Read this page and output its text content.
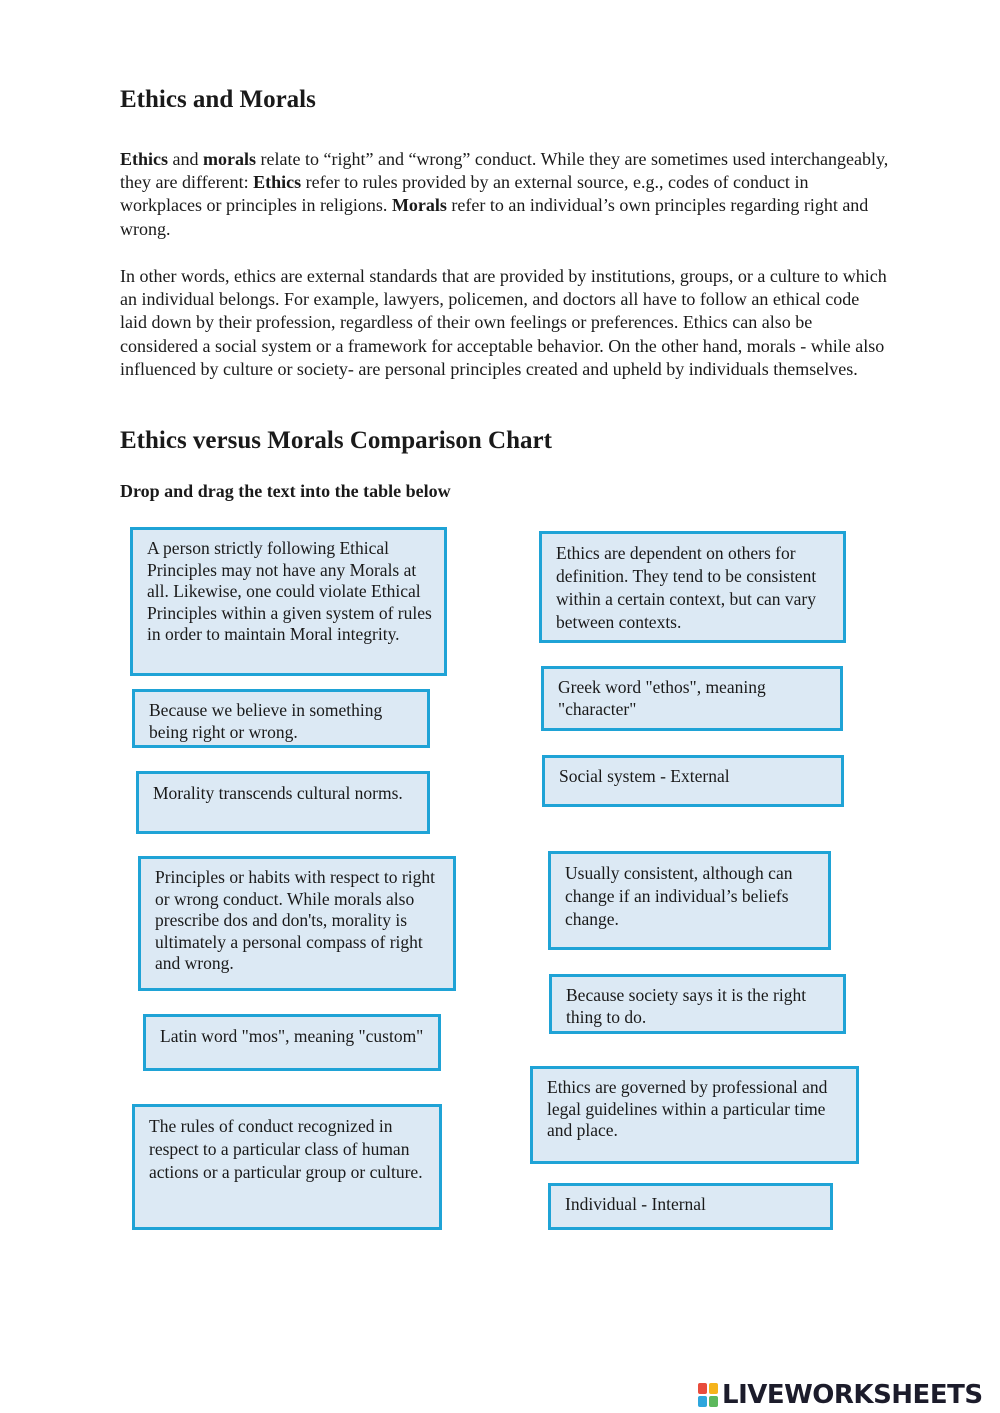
Ethics and Morals

Ethics and morals relate to “right” and “wrong” conduct. While they are sometimes used interchangeably, they are different: Ethics refer to rules provided by an external source, e.g., codes of conduct in workplaces or principles in religions. Morals refer to an individual’s own principles regarding right and wrong.

In other words, ethics are external standards that are provided by institutions, groups, or a culture to which an individual belongs. For example, lawyers, policemen, and doctors all have to follow an ethical code laid down by their profession, regardless of their own feelings or preferences. Ethics can also be considered a social system or a framework for acceptable behavior. On the other hand, morals - while also influenced by culture or society- are personal principles created and upheld by individuals themselves.

Ethics versus Morals Comparison Chart

Drop and drag the text into the table below

A person strictly following Ethical Principles may not have any Morals at all. Likewise, one could violate Ethical Principles within a given system of rules in order to maintain Moral integrity.
Because we believe in something being right or wrong.
Morality transcends cultural norms.
Principles or habits with respect to right or wrong conduct. While morals also prescribe dos and don'ts, morality is ultimately a personal compass of right and wrong.
Latin word "mos", meaning "custom"
The rules of conduct recognized in respect to a particular class of human actions or a particular group or culture.
Ethics are dependent on others for definition. They tend to be consistent within a certain context, but can vary between contexts.
Greek word "ethos", meaning "character"
Social system - External
Usually consistent, although can change if an individual’s beliefs change.
Because society says it is the right thing to do.
Ethics are governed by professional and legal guidelines within a particular time and place.
Individual - Internal
LIVEWORKSHEETS
